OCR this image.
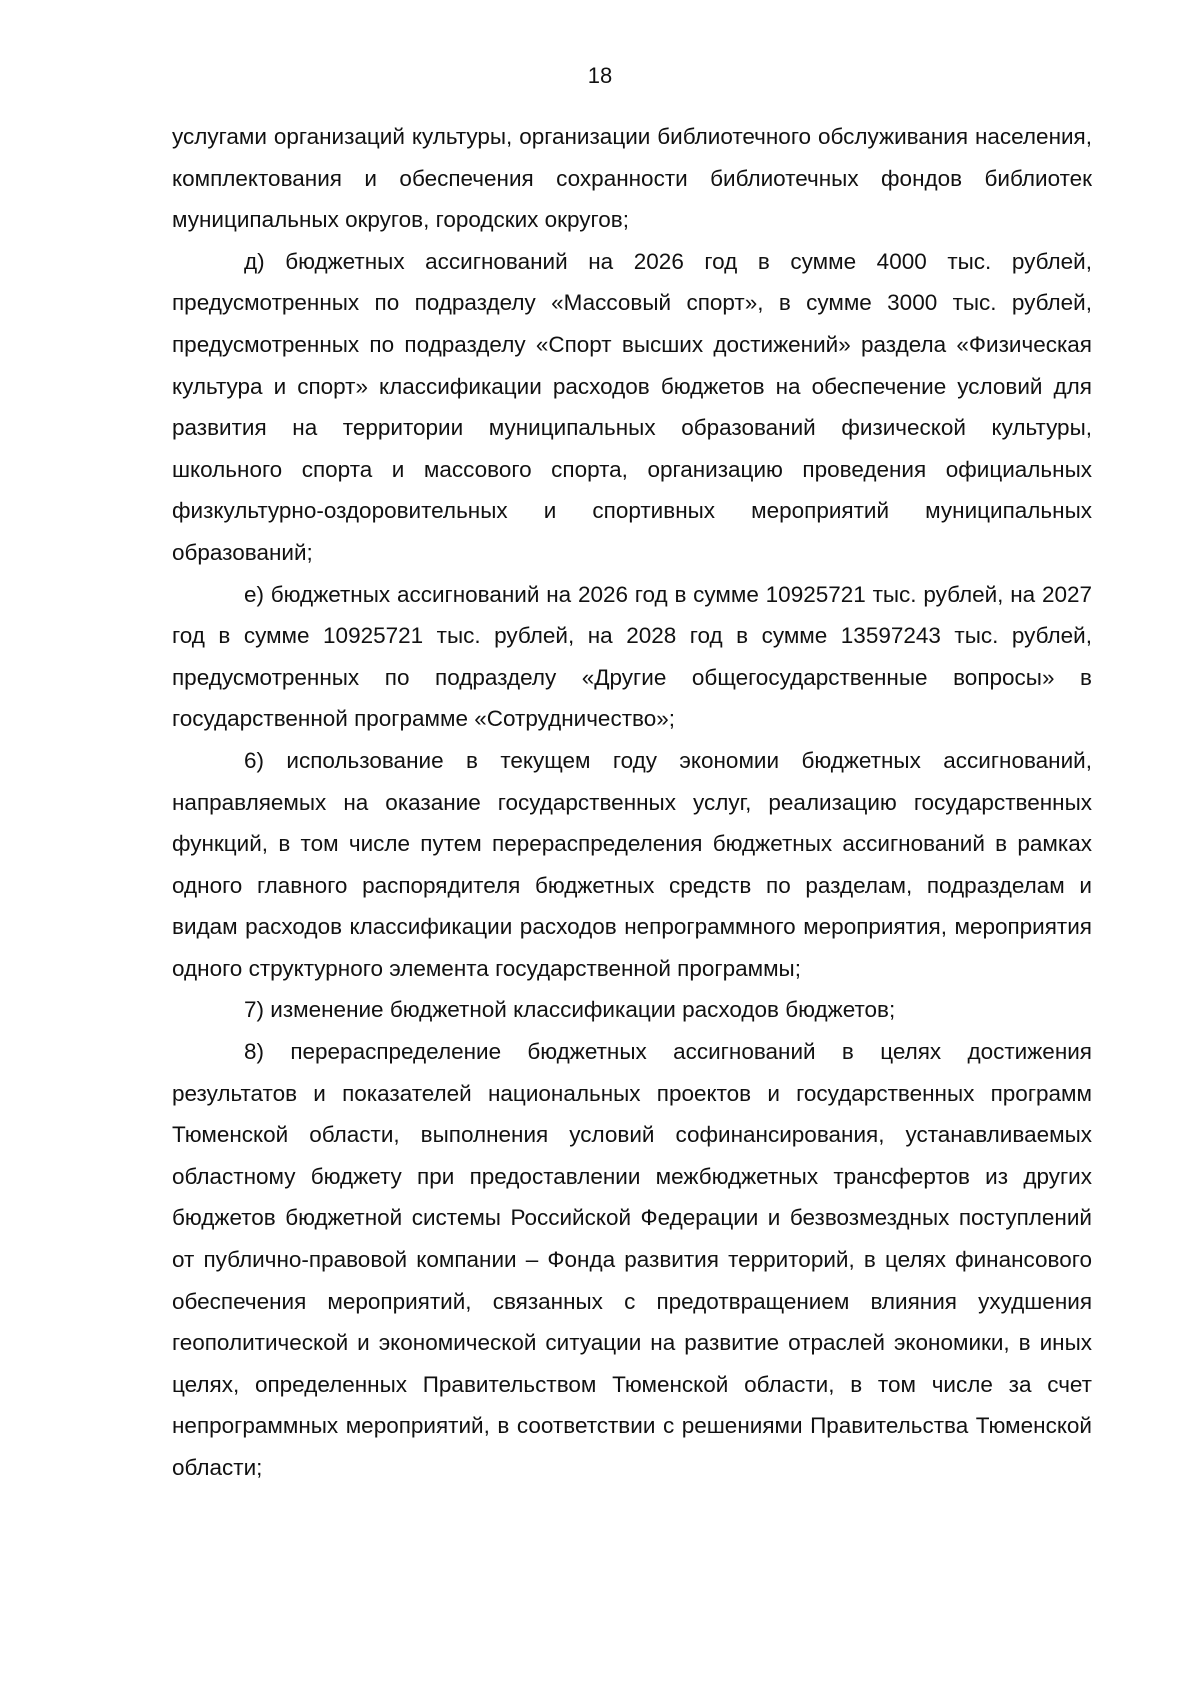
18

услугами организаций культуры, организации библиотечного обслуживания населения, комплектования и обеспечения сохранности библиотечных фондов библиотек муниципальных округов, городских округов;

д) бюджетных ассигнований на 2026 год в сумме 4000 тыс. рублей, предусмотренных по подразделу «Массовый спорт», в сумме 3000 тыс. рублей, предусмотренных по подразделу «Спорт высших достижений» раздела «Физическая культура и спорт» классификации расходов бюджетов на обеспечение условий для развития на территории муниципальных образований физической культуры, школьного спорта и массового спорта, организацию проведения официальных физкультурно-оздоровительных и спортивных мероприятий муниципальных образований;

е) бюджетных ассигнований на 2026 год в сумме 10925721 тыс. рублей, на 2027 год в сумме 10925721 тыс. рублей, на 2028 год в сумме 13597243 тыс. рублей, предусмотренных по подразделу «Другие общегосударственные вопросы» в государственной программе «Сотрудничество»;

6) использование в текущем году экономии бюджетных ассигнований, направляемых на оказание государственных услуг, реализацию государственных функций, в том числе путем перераспределения бюджетных ассигнований в рамках одного главного распорядителя бюджетных средств по разделам, подразделам и видам расходов классификации расходов непрограммного мероприятия, мероприятия одного структурного элемента государственной программы;

7) изменение бюджетной классификации расходов бюджетов;

8) перераспределение бюджетных ассигнований в целях достижения результатов и показателей национальных проектов и государственных программ Тюменской области, выполнения условий софинансирования, устанавливаемых областному бюджету при предоставлении межбюджетных трансфертов из других бюджетов бюджетной системы Российской Федерации и безвозмездных поступлений от публично-правовой компании – Фонда развития территорий, в целях финансового обеспечения мероприятий, связанных с предотвращением влияния ухудшения геополитической и экономической ситуации на развитие отраслей экономики, в иных целях, определенных Правительством Тюменской области, в том числе за счет непрограммных мероприятий, в соответствии с решениями Правительства Тюменской области;
